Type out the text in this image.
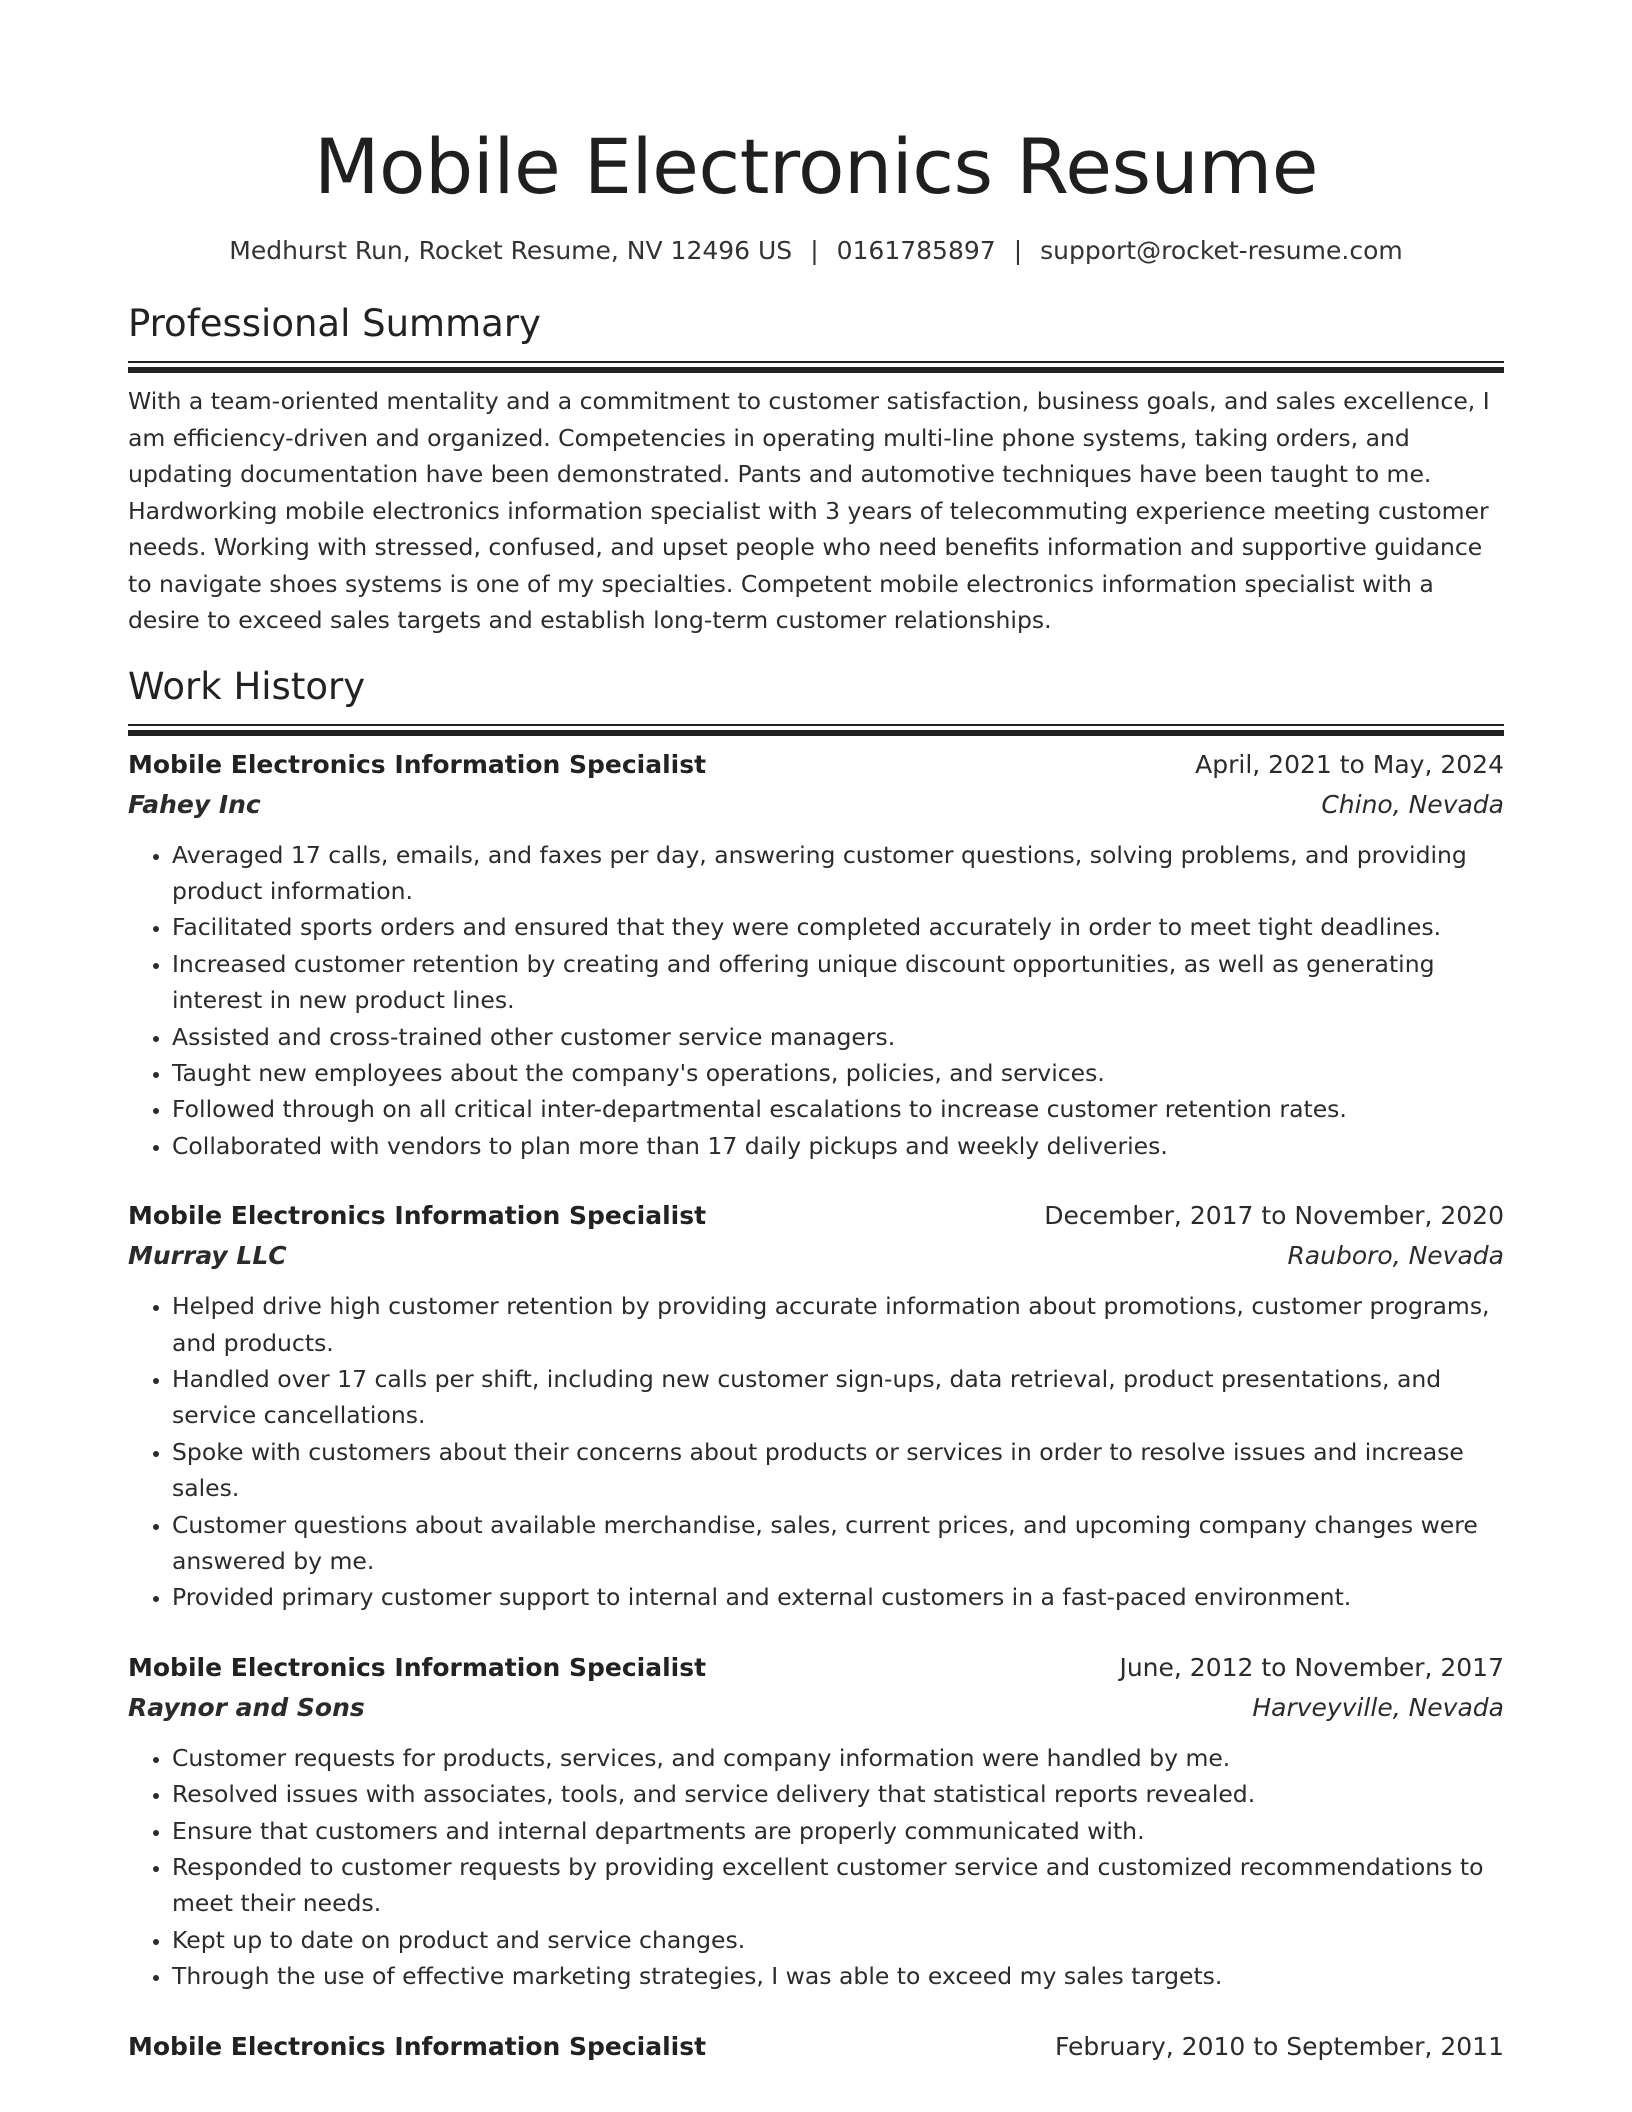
Mobile Electronics Resume
Medhurst Run, Rocket Resume, NV 12496 US | 0161785897 | support@rocket-resume.com
Professional Summary

With a team-oriented mentality and a commitment to customer satisfaction, business goals, and sales excellence, I am efficiency-driven and organized. Competencies in operating multi-line phone systems, taking orders, and updating documentation have been demonstrated. Pants and automotive techniques have been taught to me. Hardworking mobile electronics information specialist with 3 years of telecommuting experience meeting customer needs. Working with stressed, confused, and upset people who need benefits information and supportive guidance to navigate shoes systems is one of my specialties. Competent mobile electronics information specialist with a desire to exceed sales targets and establish long-term customer relationships.

Work History
Mobile Electronics Information Specialist	April, 2021 to May, 2024
Fahey Inc	Chino, Nevada
• Averaged 17 calls, emails, and faxes per day, answering customer questions, solving problems, and providing product information.
• Facilitated sports orders and ensured that they were completed accurately in order to meet tight deadlines.
• Increased customer retention by creating and offering unique discount opportunities, as well as generating interest in new product lines.
• Assisted and cross-trained other customer service managers.
• Taught new employees about the company's operations, policies, and services.
• Followed through on all critical inter-departmental escalations to increase customer retention rates.
• Collaborated with vendors to plan more than 17 daily pickups and weekly deliveries.
Mobile Electronics Information Specialist	December, 2017 to November, 2020
Murray LLC	Rauboro, Nevada
• Helped drive high customer retention by providing accurate information about promotions, customer programs, and products.
• Handled over 17 calls per shift, including new customer sign-ups, data retrieval, product presentations, and service cancellations.
• Spoke with customers about their concerns about products or services in order to resolve issues and increase sales.
• Customer questions about available merchandise, sales, current prices, and upcoming company changes were answered by me.
• Provided primary customer support to internal and external customers in a fast-paced environment.
Mobile Electronics Information Specialist	June, 2012 to November, 2017
Raynor and Sons	Harveyville, Nevada
• Customer requests for products, services, and company information were handled by me.
• Resolved issues with associates, tools, and service delivery that statistical reports revealed.
• Ensure that customers and internal departments are properly communicated with.
• Responded to customer requests by providing excellent customer service and customized recommendations to meet their needs.
• Kept up to date on product and service changes.
• Through the use of effective marketing strategies, I was able to exceed my sales targets.
Mobile Electronics Information Specialist	February, 2010 to September, 2011
